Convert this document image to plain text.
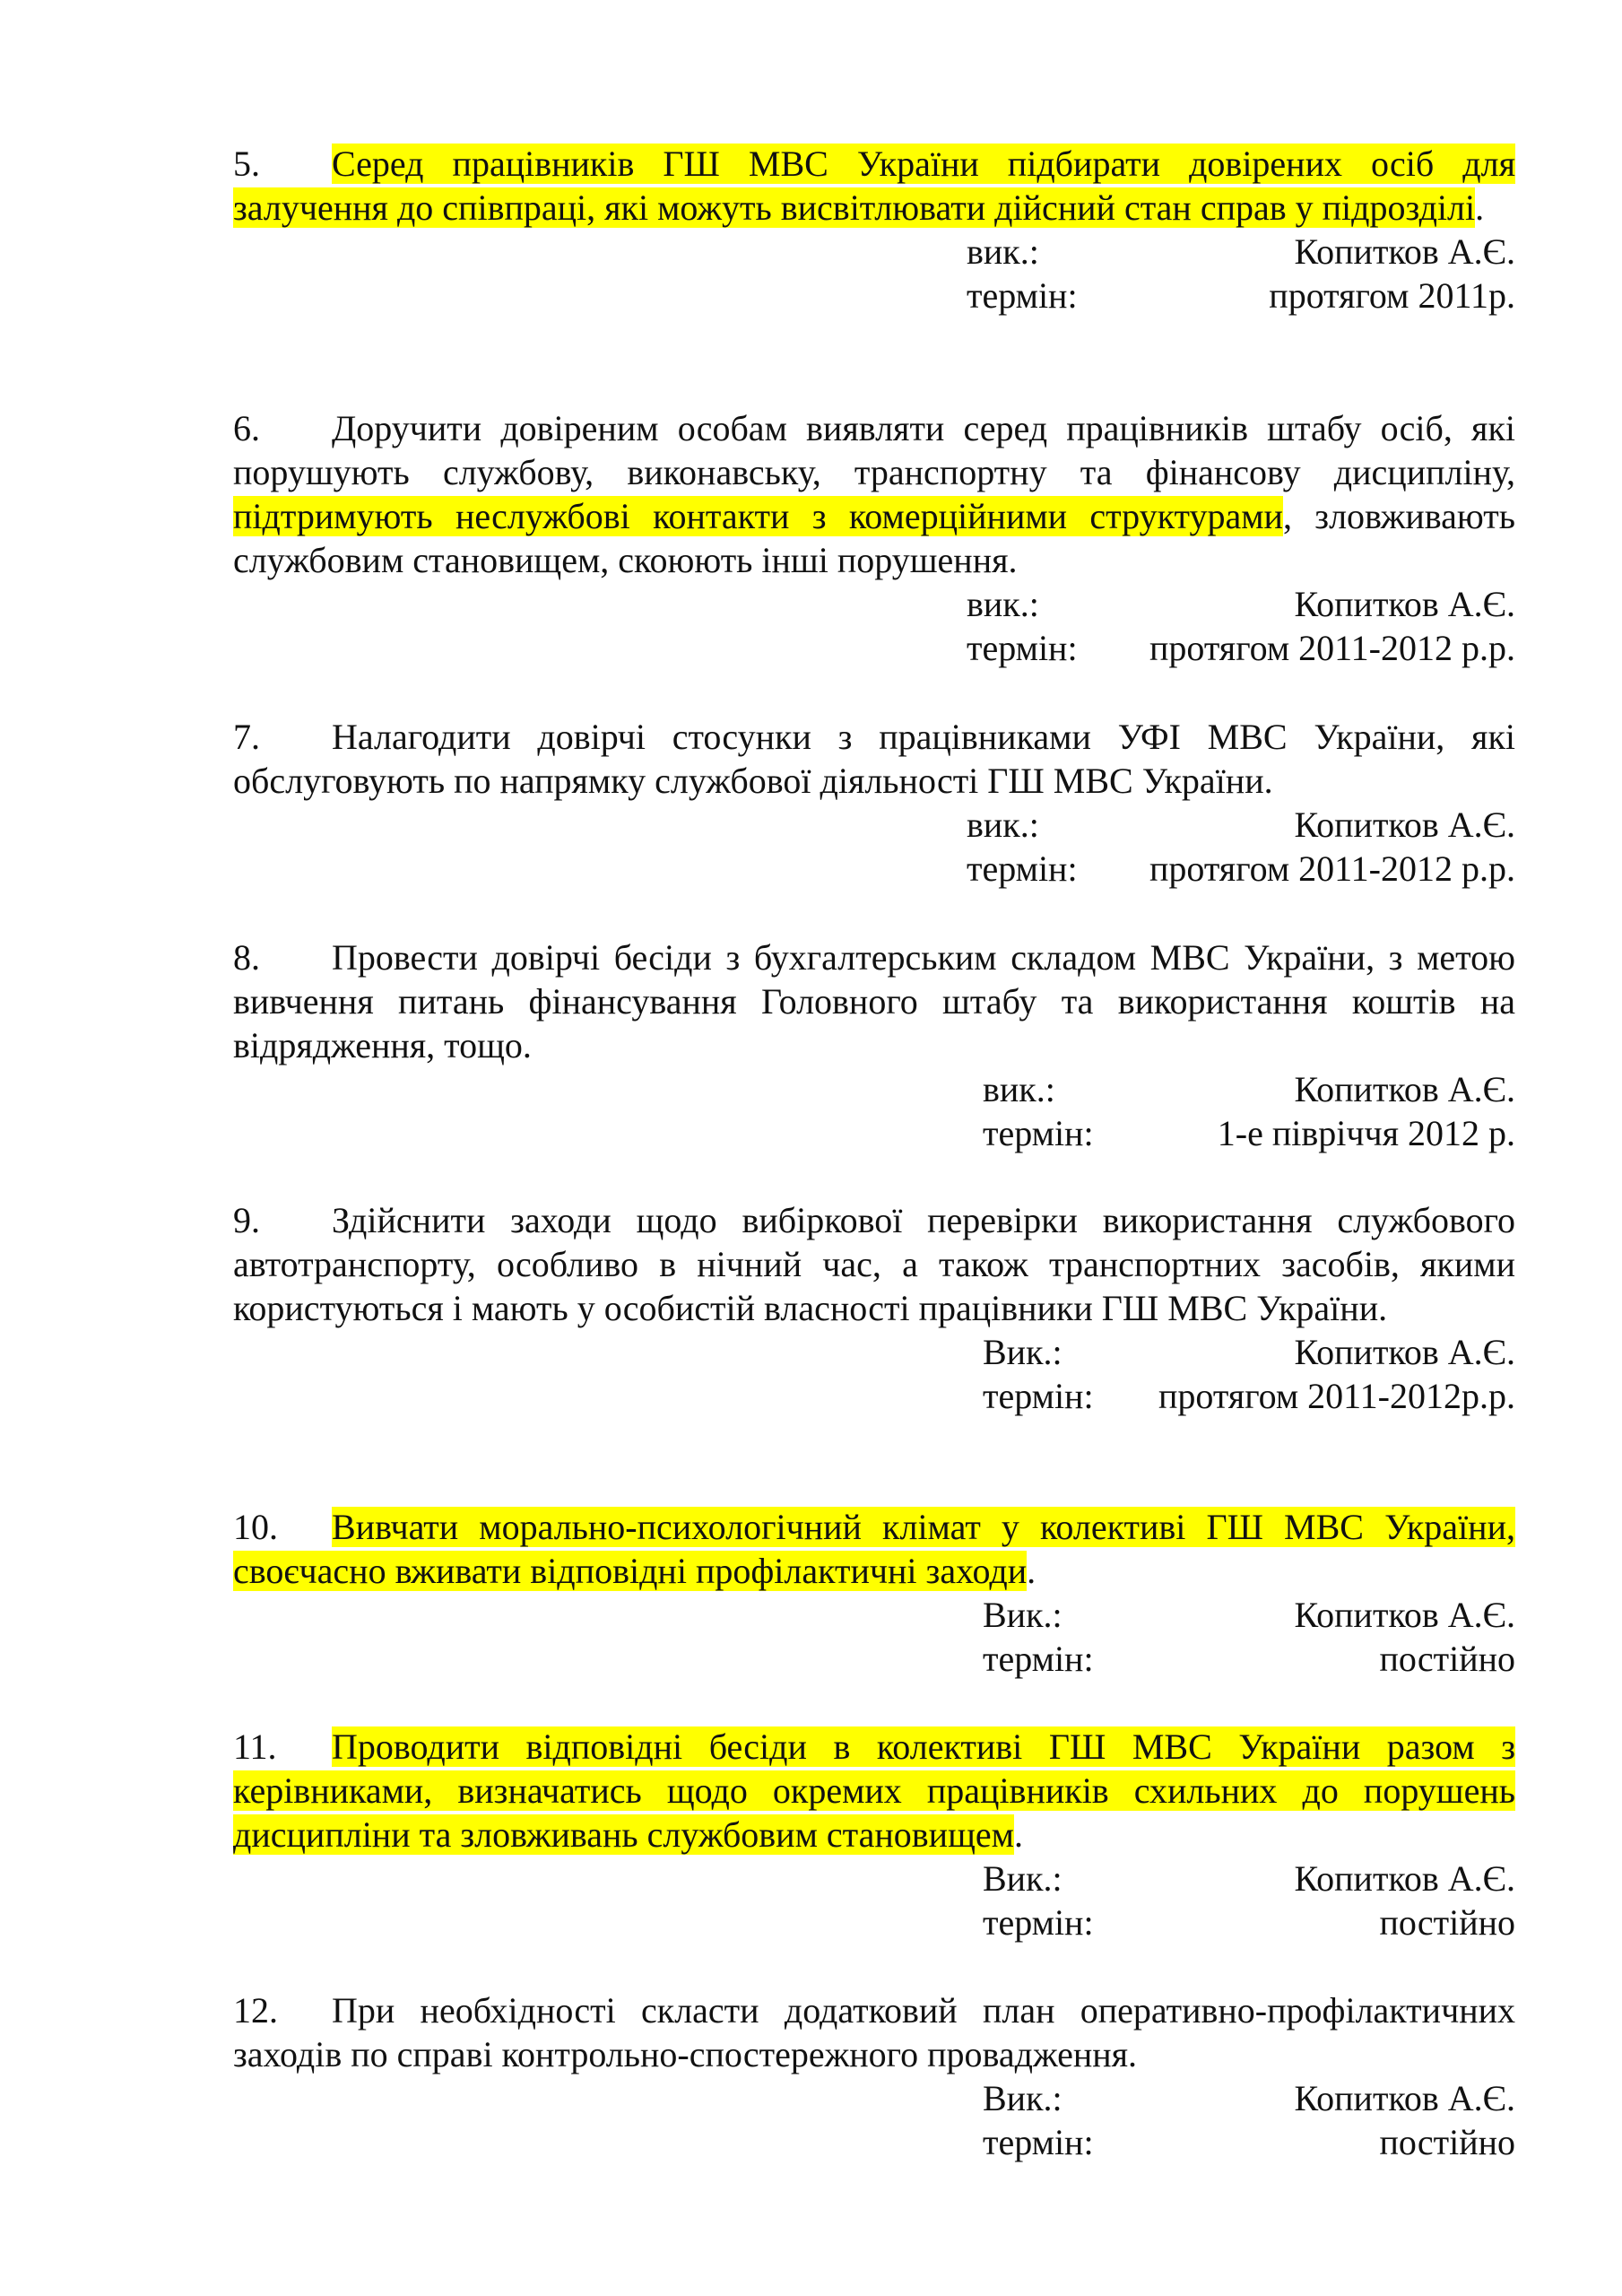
5. Серед працівників ГШ МВС України підбирати довірених осіб для залучення до співпраці, які можуть висвітлювати дійсний стан справ у підрозділі.
вик.:	Копитков А.Є.
термін:	протягом 2011р.
6. Доручити довіреним особам виявляти серед працівників штабу осіб, які порушують службову, виконавську, транспортну та фінансову дисципліну, підтримують неслужбові контакти з комерційними структурами, зловживають службовим становищем, скоюють інші порушення.
вик.:	Копитков А.Є.
термін: протягом 2011-2012 р.р.
7. Налагодити довірчі стосунки з працівниками УФІ МВС України, які обслуговують по напрямку службової діяльності ГШ МВС України.
вик.:	Копитков А.Є.
термін: протягом 2011-2012 р.р.
8. Провести довірчі бесіди з бухгалтерським складом МВС України, з метою вивчення питань фінансування Головного штабу та використання коштів на відрядження, тощо.
вик.:	Копитков А.Є.
термін:	1-е півріччя 2012 р.
9. Здійснити заходи щодо вибіркової перевірки використання службового автотранспорту, особливо в нічний час, а також транспортних засобів, якими користуються і мають у особистій власності працівники ГШ МВС України.
Вик.:	Копитков А.Є.
термін: протягом 2011-2012р.р.
10. Вивчати морально-психологічний клімат у колективі ГШ МВС України, своєчасно вживати відповідні профілактичні заходи.
Вик.:	Копитков А.Є.
термін:	постійно
11. Проводити відповідні бесіди в колективі ГШ МВС України разом з керівниками, визначатись щодо окремих працівників схильних до порушень дисципліни та зловживань службовим становищем.
Вик.:	Копитков А.Є.
термін:	постійно
12. При необхідності скласти додатковий план оперативно-профілактичних заходів по справі контрольно-спостережного провадження.
Вик.:	Копитков А.Є.
термін:	постійно
